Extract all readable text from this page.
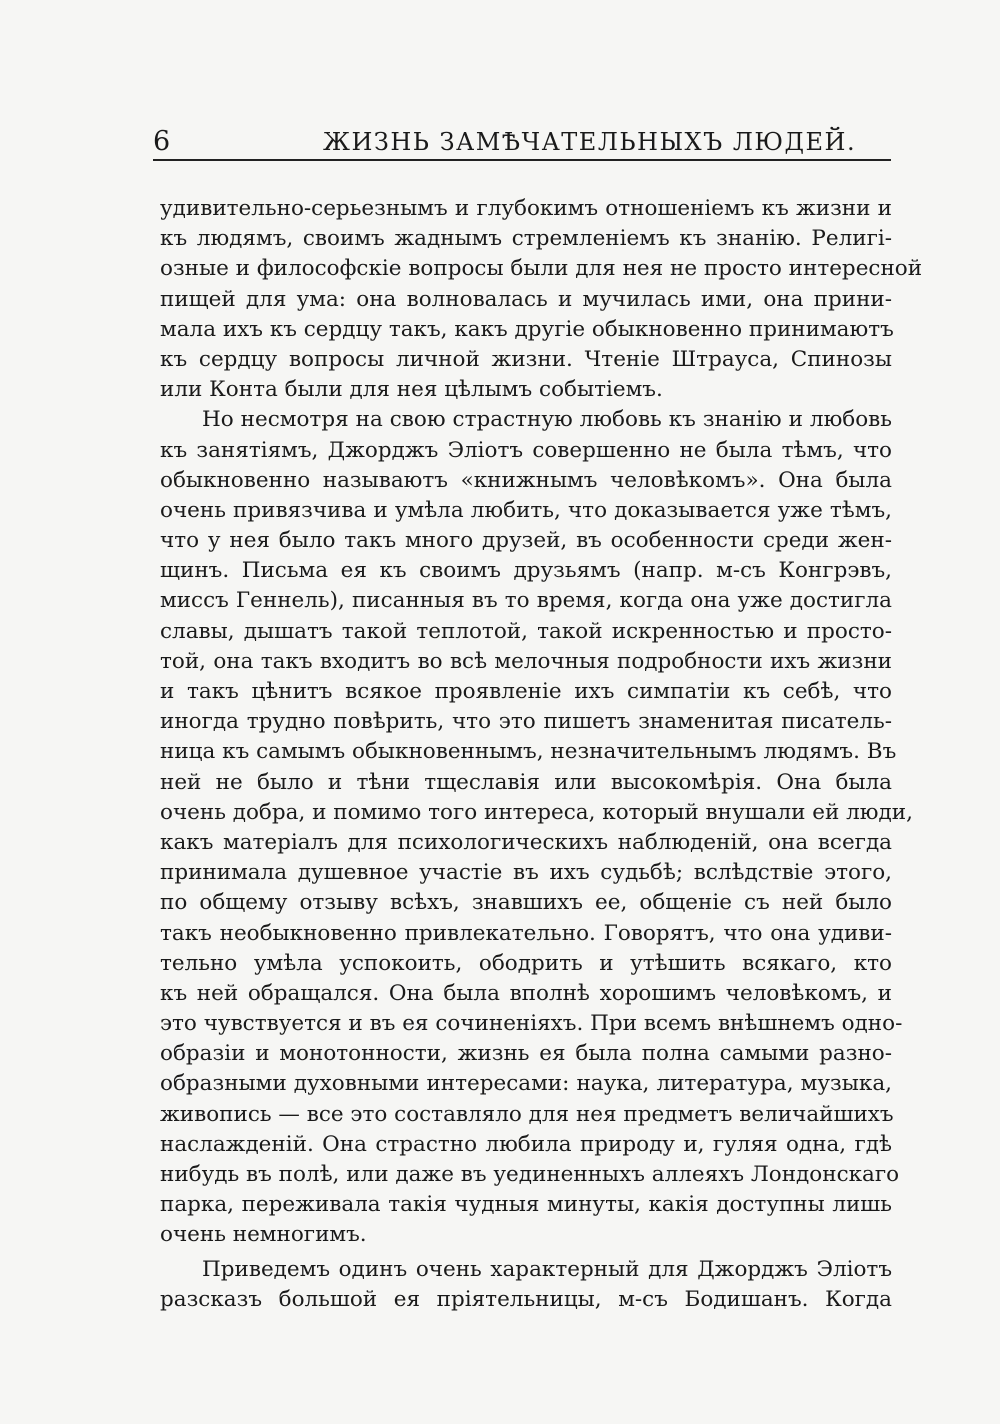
6	ЖИЗНЬ ЗАМѢЧАТЕЛЬНЫХЪ ЛЮДЕЙ.
удивительно-серьезнымъ и глубокимъ отношеніемъ къ жизни и
къ людямъ, своимъ жаднымъ стремленіемъ къ знанію. Религі-
озные и философскіе вопросы были для нея не просто интересной
пищей для ума: она волновалась и мучилась ими, она прини-
мала ихъ къ сердцу такъ, какъ другіе обыкновенно принимаютъ
къ сердцу вопросы личной жизни. Чтеніе Штрауса, Спинозы
или Конта были для нея цѣлымъ событіемъ.
Но несмотря на свою страстную любовь къ знанію и любовь
къ занятіямъ, Джорджъ Эліотъ совершенно не была тѣмъ, что
обыкновенно называютъ «книжнымъ человѣкомъ». Она была
очень привязчива и умѣла любить, что доказывается уже тѣмъ,
что у нея было такъ много друзей, въ особенности среди жен-
щинъ. Письма ея къ своимъ друзьямъ (напр. м-съ Конгрэвъ,
миссъ Геннель), писанныя въ то время, когда она уже достигла
славы, дышатъ такой теплотой, такой искренностью и просто-
той, она такъ входитъ во всѣ мелочныя подробности ихъ жизни
и такъ цѣнитъ всякое проявленіе ихъ симпатіи къ себѣ, что
иногда трудно повѣрить, что это пишетъ знаменитая писатель-
ница къ самымъ обыкновеннымъ, незначительнымъ людямъ. Въ
ней не было и тѣни тщеславія или высокомѣрія. Она была
очень добра, и помимо того интереса, который внушали ей люди,
какъ матеріалъ для психологическихъ наблюденій, она всегда
принимала душевное участіе въ ихъ судьбѣ; вслѣдствіе этого,
по общему отзыву всѣхъ, знавшихъ ее, общеніе съ ней было
такъ необыкновенно привлекательно. Говорятъ, что она удиви-
тельно умѣла успокоить, ободрить и утѣшить всякаго, кто
къ ней обращался. Она была вполнѣ хорошимъ человѣкомъ, и
это чувствуется и въ ея сочиненіяхъ. При всемъ внѣшнемъ одно-
образіи и монотонности, жизнь ея была полна самыми разно-
образными духовными интересами: наука, литература, музыка,
живопись — все это составляло для нея предметъ величайшихъ
наслажденій. Она страстно любила природу и, гуляя одна, гдѣ
нибудь въ полѣ, или даже въ уединенныхъ аллеяхъ Лондонскаго
парка, переживала такія чудныя минуты, какія доступны лишь
очень немногимъ.
Приведемъ одинъ очень характерный для Джорджъ Эліотъ
разсказъ большой ея пріятельницы, м-съ Бодишанъ. Когда
